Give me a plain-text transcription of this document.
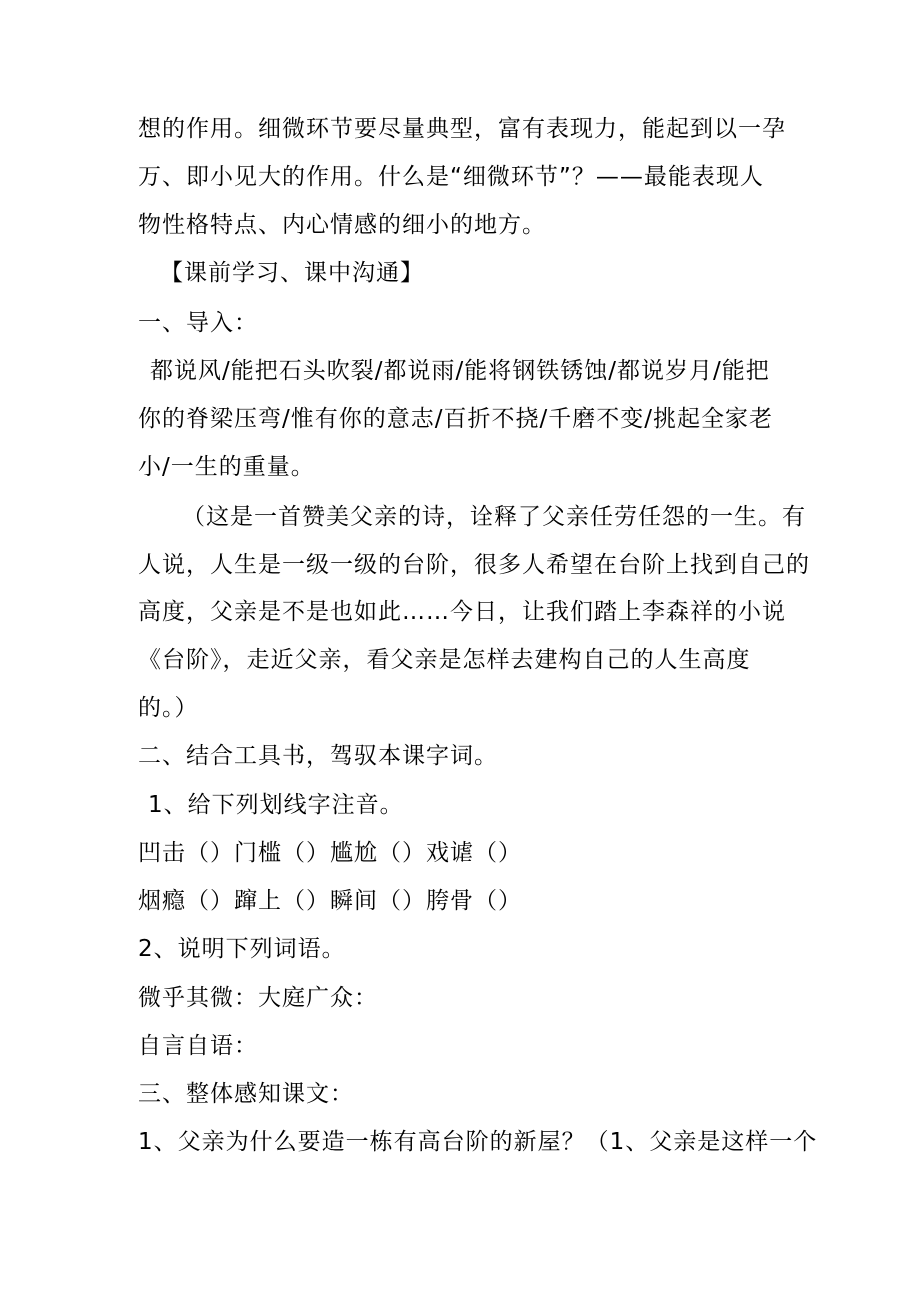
想的作用。细微环节要尽量典型，富有表现力，能起到以一孕
万、即小见大的作用。什么是“细微环节”？——最能表现人
物性格特点、内心情感的细小的地方。
【课前学习、课中沟通】
一、导入：
都说风/能把石头吹裂/都说雨/能将钢铁锈蚀/都说岁月/能把
你的脊梁压弯/惟有你的意志/百折不挠/千磨不变/挑起全家老
小/一生的重量。
（这是一首赞美父亲的诗，诠释了父亲任劳任怨的一生。有
人说，人生是一级一级的台阶，很多人希望在台阶上找到自己的
高度，父亲是不是也如此……今日，让我们踏上李森祥的小说
《台阶》，走近父亲，看父亲是怎样去建构自己的人生高度
的。）
二、结合工具书，驾驭本课字词。
1、给下列划线字注音。
凹击（）门槛（）尴尬（）戏谑（）
烟瘾（）蹿上（）瞬间（）胯骨（）
2、说明下列词语。
微乎其微：大庭广众：
自言自语：
三、整体感知课文：
1、父亲为什么要造一栋有高台阶的新屋？（1、父亲是这样一个
